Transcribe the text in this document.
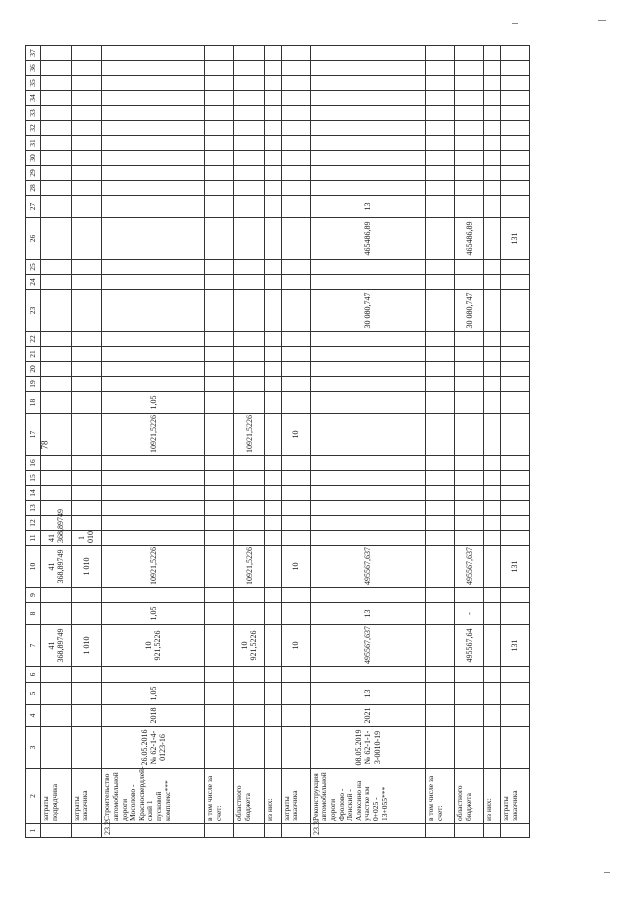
78
1	2	3	4	5	6	7	8	9	10	11	12	13	14	15	16	17	18	19	20	21	22	23	24	25	26	27	28	29	30	31	32	33	34	35	36	37
	затраты подрядчика					41 368,89749			41 368,89749	41 368,89749																										
	затраты заказчика					1 010			1 010	1 010																										
23.2.	Строительство автомобильной дороги Мосолово - Красносвердлей-ский 1 пусковой комплекс***	26.05.2016 № 62-1-4-0123-16	2018	1,05		10 921,5226	1,05		10921,5226							10921,5226	1,05																			
	в том числе за счет:																																			
	областного бюджета					10 921,5226			10921,5226							10921,5226																				
	из них:																																			
	затраты заказчика					10			10							10																				
23.3.	Реконструкция автомобильной дороги Фролово - Ленский - Алексино на участке км 0+025 - 13+055***	08.05.2019 № 62-1-1-3-0010-19	2021	13		495567,637	13		495567,637													30 080,747			465486,89	13										
	в том числе за счет:																																			
	областного бюджета					495567,64	-		495567,637													30 080,747			465486,89											
	из них:																																			
	затраты заказчика					131			131																131											
